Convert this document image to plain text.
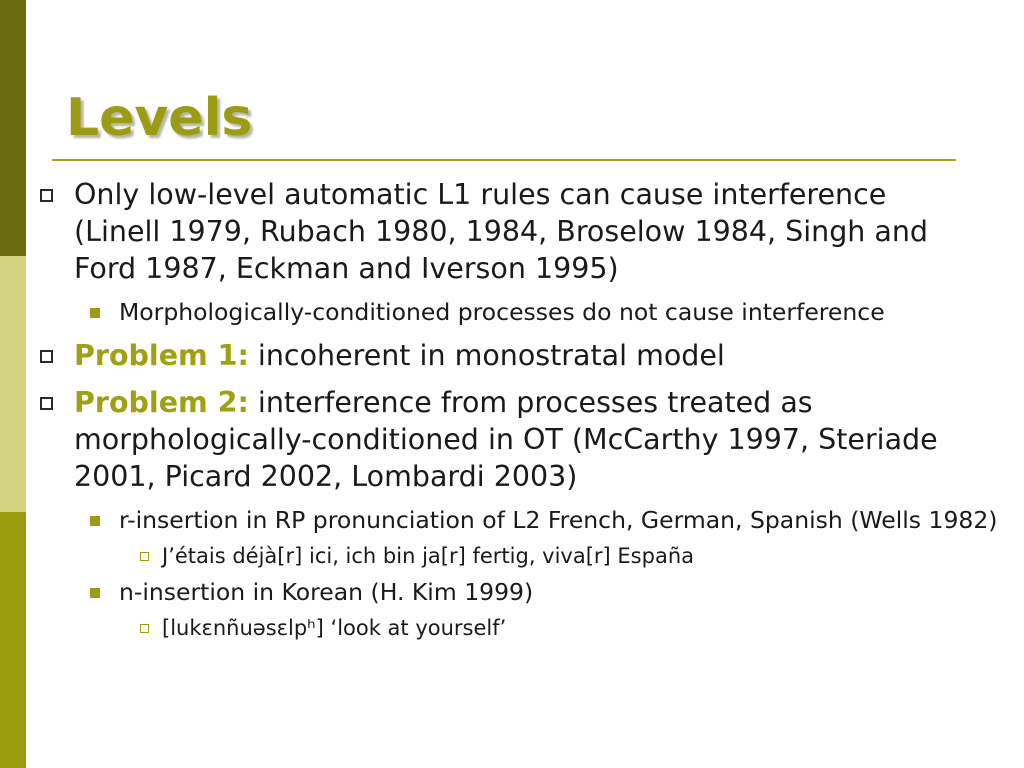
Levels
Only low-level automatic L1 rules can cause interference (Linell 1979, Rubach 1980, 1984, Broselow 1984, Singh and Ford 1987, Eckman and Iverson 1995)
Morphologically-conditioned processes do not cause interference
Problem 1: incoherent in monostratal model
Problem 2: interference from processes treated as morphologically-conditioned in OT (McCarthy 1997, Steriade 2001, Picard 2002, Lombardi 2003)
r-insertion in RP pronunciation of L2 French, German, Spanish (Wells 1982)
J’étais déjà[r] ici, ich bin ja[r] fertig, viva[r] España
n-insertion in Korean (H. Kim 1999)
[lukɛnñuəsɛlpʰ] ‘look at yourself’
